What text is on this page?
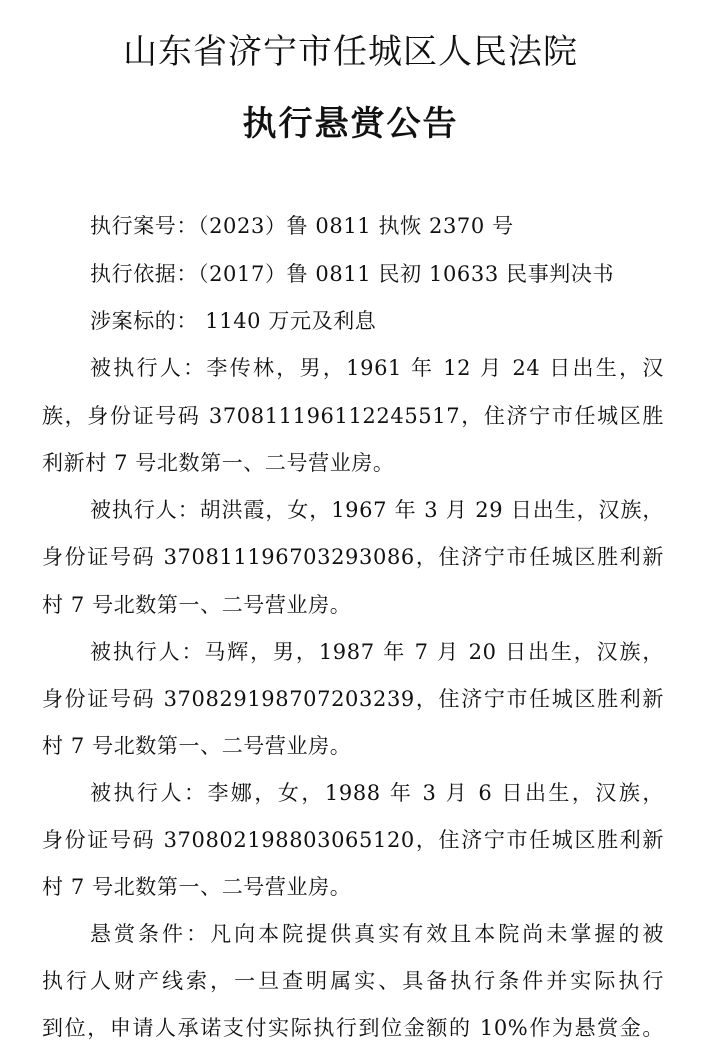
山东省济宁市任城区人民法院
执行悬赏公告
执行案号：（2023）鲁 0811 执恢 2370 号
执行依据：（2017）鲁 0811 民初 10633 民事判决书
涉案标的： 1140 万元及利息
被执行人：李传林，男，1961 年 12 月 24 日出生，汉
族，身份证号码 370811196112245517，住济宁市任城区胜
利新村 7 号北数第一、二号营业房。
被执行人：胡洪霞，女，1967 年 3 月 29 日出生，汉族，
身份证号码 370811196703293086，住济宁市任城区胜利新
村 7 号北数第一、二号营业房。
被执行人：马辉，男，1987 年 7 月 20 日出生，汉族，
身份证号码 370829198707203239，住济宁市任城区胜利新
村 7 号北数第一、二号营业房。
被执行人：李娜，女，1988 年 3 月 6 日出生，汉族，
身份证号码 370802198803065120，住济宁市任城区胜利新
村 7 号北数第一、二号营业房。
悬赏条件：凡向本院提供真实有效且本院尚未掌握的被
执行人财产线索，一旦查明属实、具备执行条件并实际执行
到位，申请人承诺支付实际执行到位金额的 10%作为悬赏金。
